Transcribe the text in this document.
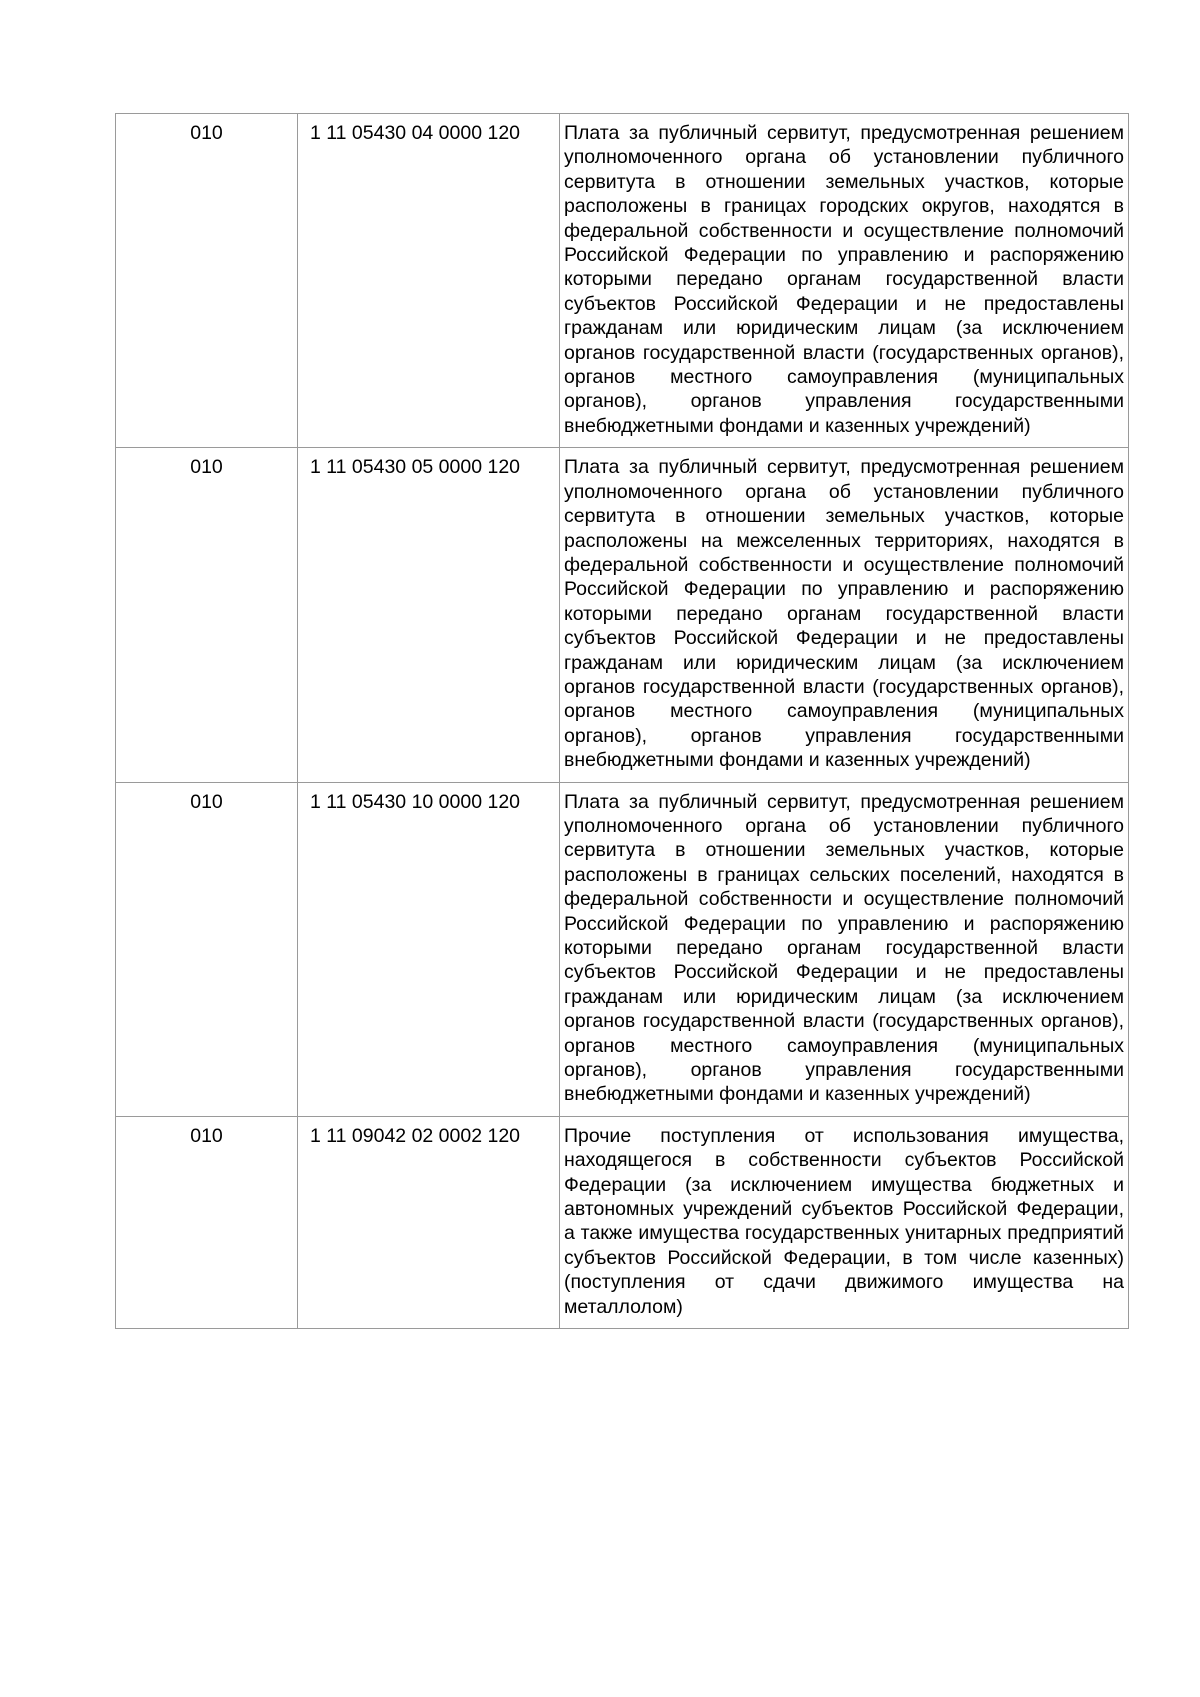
010	1 11 05430 04 0000 120	Плата за публичный сервитут, предусмотренная решением уполномоченного органа об установлении публичного сервитута в отношении земельных участков, которые расположены в границах городских округов, находятся в федеральной собственности и осуществление полномочий Российской Федерации по управлению и распоряжению которыми передано органам государственной власти субъектов Российской Федерации и не предоставлены гражданам или юридическим лицам (за исключением органов государственной власти (государственных органов), органов местного самоуправления (муниципальных органов), органов управления государственными внебюджетными фондами и казенных учреждений)
010	1 11 05430 05 0000 120	Плата за публичный сервитут, предусмотренная решением уполномоченного органа об установлении публичного сервитута в отношении земельных участков, которые расположены на межселенных территориях, находятся в федеральной собственности и осуществление полномочий Российской Федерации по управлению и распоряжению которыми передано органам государственной власти субъектов Российской Федерации и не предоставлены гражданам или юридическим лицам (за исключением органов государственной власти (государственных органов), органов местного самоуправления (муниципальных органов), органов управления государственными внебюджетными фондами и казенных учреждений)
010	1 11 05430 10 0000 120	Плата за публичный сервитут, предусмотренная решением уполномоченного органа об установлении публичного сервитута в отношении земельных участков, которые расположены в границах сельских поселений, находятся в федеральной собственности и осуществление полномочий Российской Федерации по управлению и распоряжению которыми передано органам государственной власти субъектов Российской Федерации и не предоставлены гражданам или юридическим лицам (за исключением органов государственной власти (государственных органов), органов местного самоуправления (муниципальных органов), органов управления государственными внебюджетными фондами и казенных учреждений)
010	1 11 09042 02 0002 120	Прочие поступления от использования имущества, находящегося в собственности субъектов Российской Федерации (за исключением имущества бюджетных и автономных учреждений субъектов Российской Федерации, а также имущества государственных унитарных предприятий субъектов Российской Федерации, в том числе казенных) (поступления от сдачи движимого имущества на металлолом)
